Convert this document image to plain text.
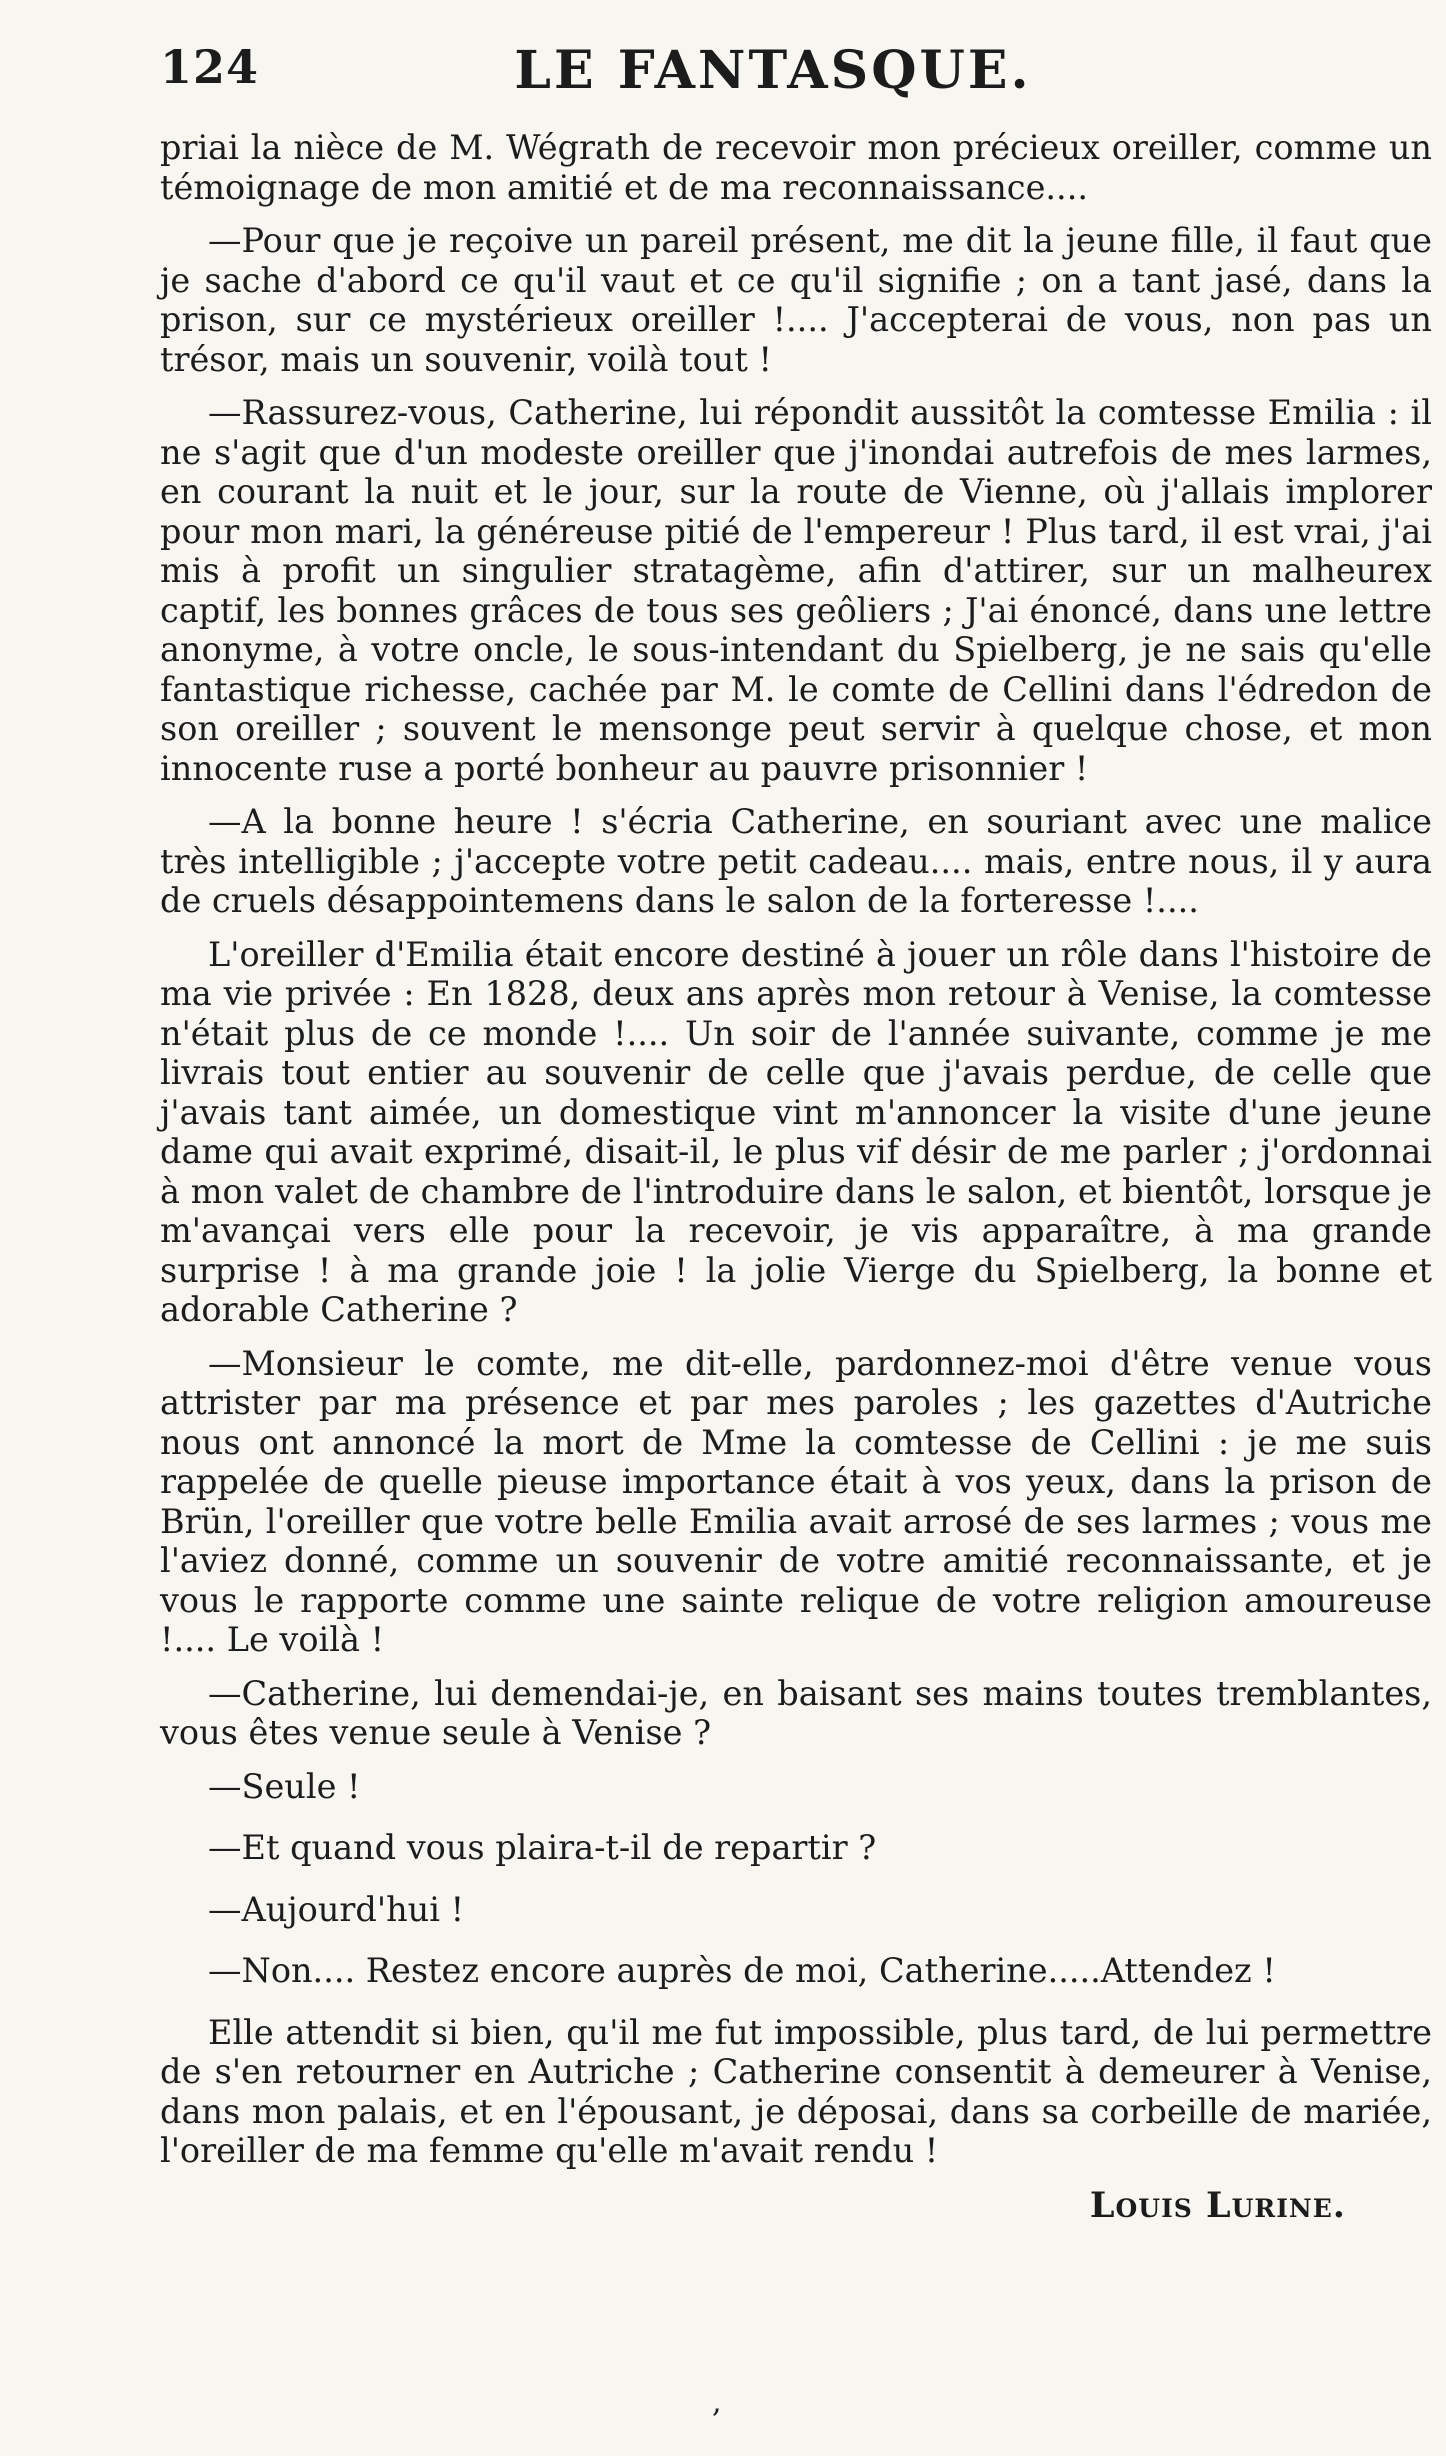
124	LE FANTASQUE.

priai la nièce de M. Wégrath de recevoir mon précieux oreiller, comme un témoignage de mon amitié et de ma reconnaissance....

—Pour que je reçoive un pareil présent, me dit la jeune fille, il faut que je sache d'abord ce qu'il vaut et ce qu'il signifie ; on a tant jasé, dans la prison, sur ce mystérieux oreiller !.... J'accepterai de vous, non pas un trésor, mais un souvenir, voilà tout !

—Rassurez-vous, Catherine, lui répondit aussitôt la comtesse Emilia : il ne s'agit que d'un modeste oreiller que j'inondai autrefois de mes larmes, en courant la nuit et le jour, sur la route de Vienne, où j'allais implorer pour mon mari, la généreuse pitié de l'empereur ! Plus tard, il est vrai, j'ai mis à profit un singulier stratagème, afin d'attirer, sur un malheurex captif, les bonnes grâces de tous ses geôliers ; J'ai énoncé, dans une lettre anonyme, à votre oncle, le sous-intendant du Spielberg, je ne sais qu'elle fantastique richesse, cachée par M. le comte de Cellini dans l'édredon de son oreiller ; souvent le mensonge peut servir à quelque chose, et mon innocente ruse a porté bonheur au pauvre prisonnier !

—A la bonne heure ! s'écria Catherine, en souriant avec une malice très intelligible ; j'accepte votre petit cadeau.... mais, entre nous, il y aura de cruels désappointemens dans le salon de la forteresse !....

L'oreiller d'Emilia était encore destiné à jouer un rôle dans l'histoire de ma vie privée : En 1828, deux ans après mon retour à Venise, la comtesse n'était plus de ce monde !.... Un soir de l'année suivante, comme je me livrais tout entier au souvenir de celle que j'avais perdue, de celle que j'avais tant aimée, un domestique vint m'annoncer la visite d'une jeune dame qui avait exprimé, disait-il, le plus vif désir de me parler ; j'ordonnai à mon valet de chambre de l'introduire dans le salon, et bientôt, lorsque je m'avançai vers elle pour la recevoir, je vis apparaître, à ma grande surprise ! à ma grande joie ! la jolie Vierge du Spielberg, la bonne et adorable Catherine ?

—Monsieur le comte, me dit-elle, pardonnez-moi d'être venue vous attrister par ma présence et par mes paroles ; les gazettes d'Autriche nous ont annoncé la mort de Mme la comtesse de Cellini : je me suis rappelée de quelle pieuse importance était à vos yeux, dans la prison de Brün, l'oreiller que votre belle Emilia avait arrosé de ses larmes ; vous me l'aviez donné, comme un souvenir de votre amitié reconnaissante, et je vous le rapporte comme une sainte relique de votre religion amoureuse !.... Le voilà !

—Catherine, lui demendai-je, en baisant ses mains toutes tremblantes, vous êtes venue seule à Venise ?

—Seule !

—Et quand vous plaira-t-il de repartir ?

—Aujourd'hui !

—Non.... Restez encore auprès de moi, Catherine.....Attendez !

Elle attendit si bien, qu'il me fut impossible, plus tard, de lui permettre de s'en retourner en Autriche ; Catherine consentit à demeurer à Venise, dans mon palais, et en l'épousant, je déposai, dans sa corbeille de mariée, l'oreiller de ma femme qu'elle m'avait rendu !

Louis Lurine.
,
